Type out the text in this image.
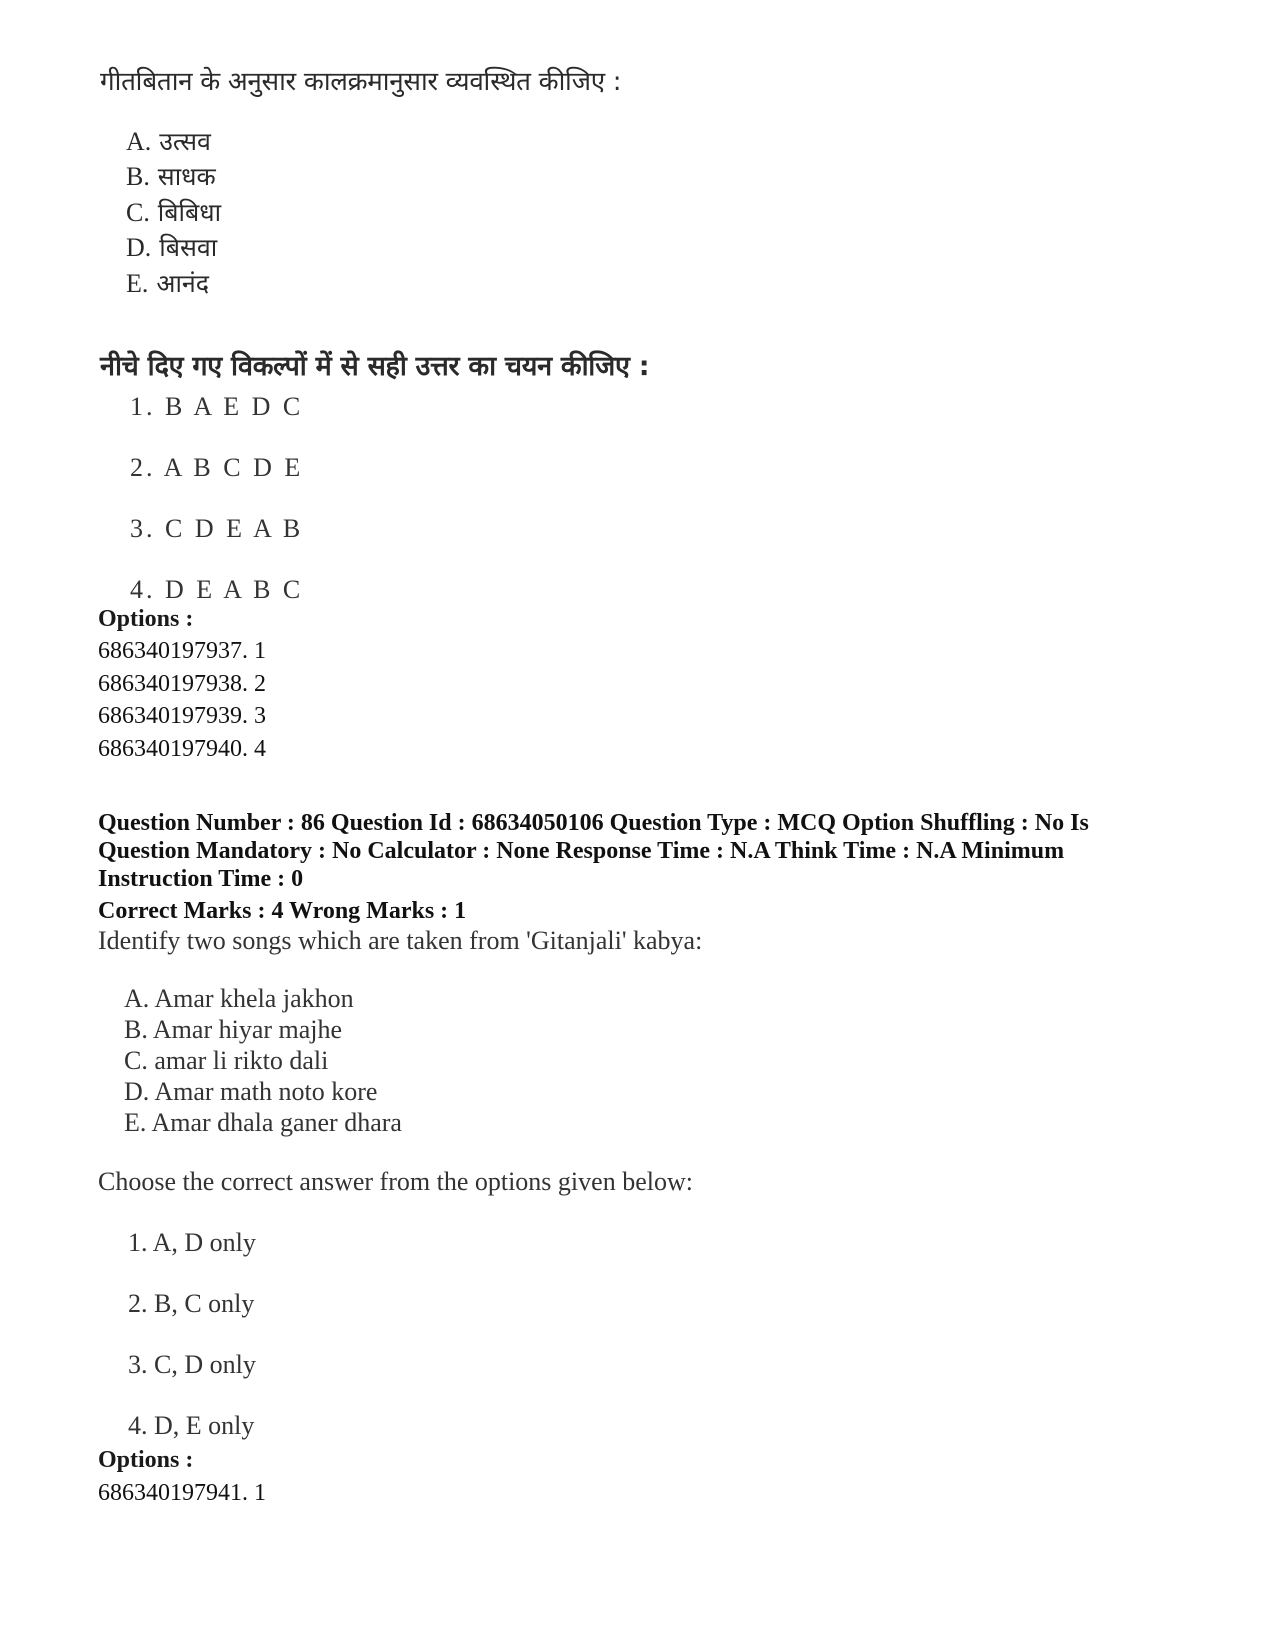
गीतबितान के अनुसार कालक्रमानुसार व्यवस्थित कीजिए :
A. उत्सव
B. साधक
C. बिबिधा
D. बिसवा
E. आनंद
नीचे दिए गए विकल्पों में से सही उत्तर का चयन कीजिए :
1. B A E D C
2. A B C D E
3. C D E A B
4. D E A B C
Options :
686340197937. 1
686340197938. 2
686340197939. 3
686340197940. 4
Question Number : 86 Question Id : 68634050106 Question Type : MCQ Option Shuffling : No Is Question Mandatory : No Calculator : None Response Time : N.A Think Time : N.A Minimum Instruction Time : 0
Correct Marks : 4 Wrong Marks : 1
Identify two songs which are taken from 'Gitanjali' kabya:
A. Amar khela jakhon
B. Amar hiyar majhe
C. amar li rikto dali
D. Amar math noto kore
E. Amar dhala ganer dhara
Choose the correct answer from the options given below:
1. A, D only
2. B, C only
3. C, D only
4. D, E only
Options :
686340197941. 1
